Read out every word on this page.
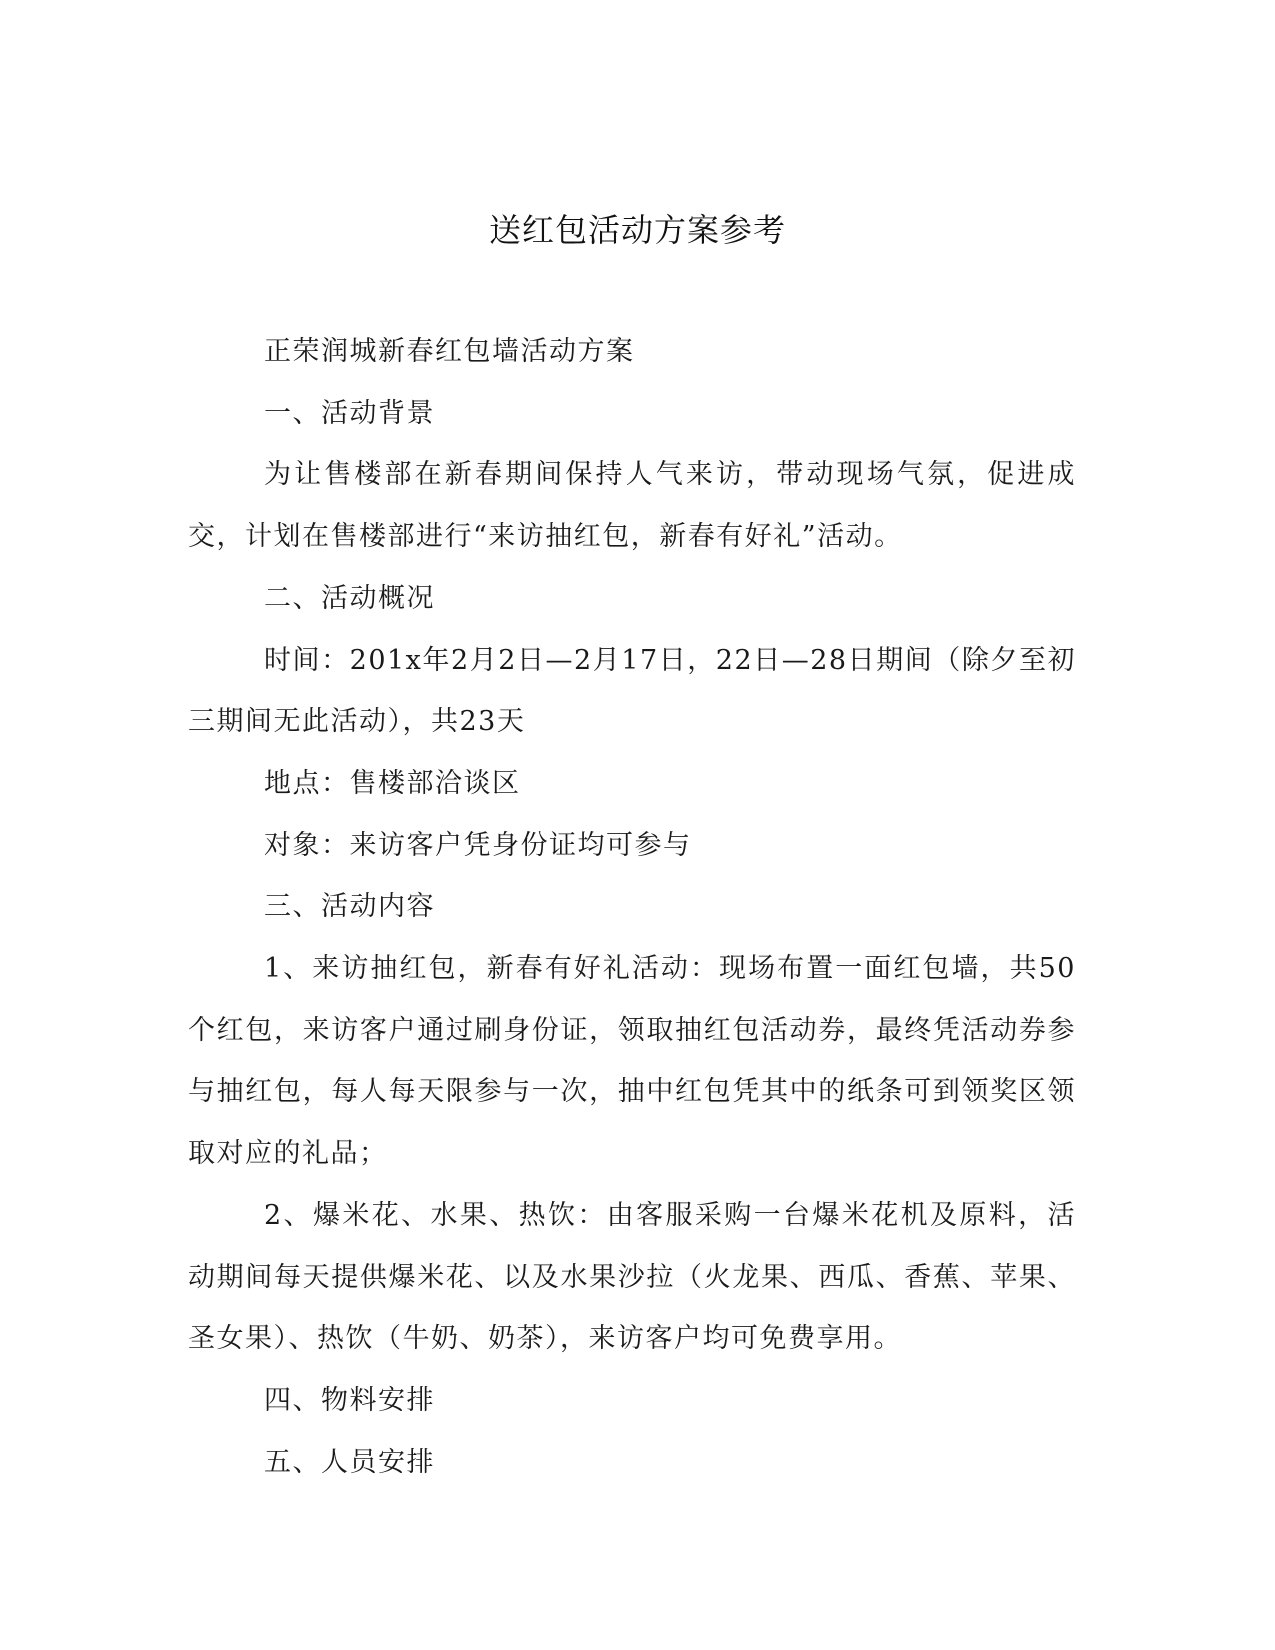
送红包活动方案参考

正荣润城新春红包墙活动方案

一、活动背景

为让售楼部在新春期间保持人气来访，带动现场气氛，促进成交，计划在售楼部进行“来访抽红包，新春有好礼”活动。

二、活动概况

时间：201x年2月2日—2月17日，22日—28日期间（除夕至初三期间无此活动），共23天

地点：售楼部洽谈区

对象：来访客户凭身份证均可参与

三、活动内容

1、来访抽红包，新春有好礼活动：现场布置一面红包墙，共50个红包，来访客户通过刷身份证，领取抽红包活动券，最终凭活动券参与抽红包，每人每天限参与一次，抽中红包凭其中的纸条可到领奖区领取对应的礼品；

2、爆米花、水果、热饮：由客服采购一台爆米花机及原料，活动期间每天提供爆米花、以及水果沙拉（火龙果、西瓜、香蕉、苹果、圣女果）、热饮（牛奶、奶茶），来访客户均可免费享用。

四、物料安排

五、人员安排
